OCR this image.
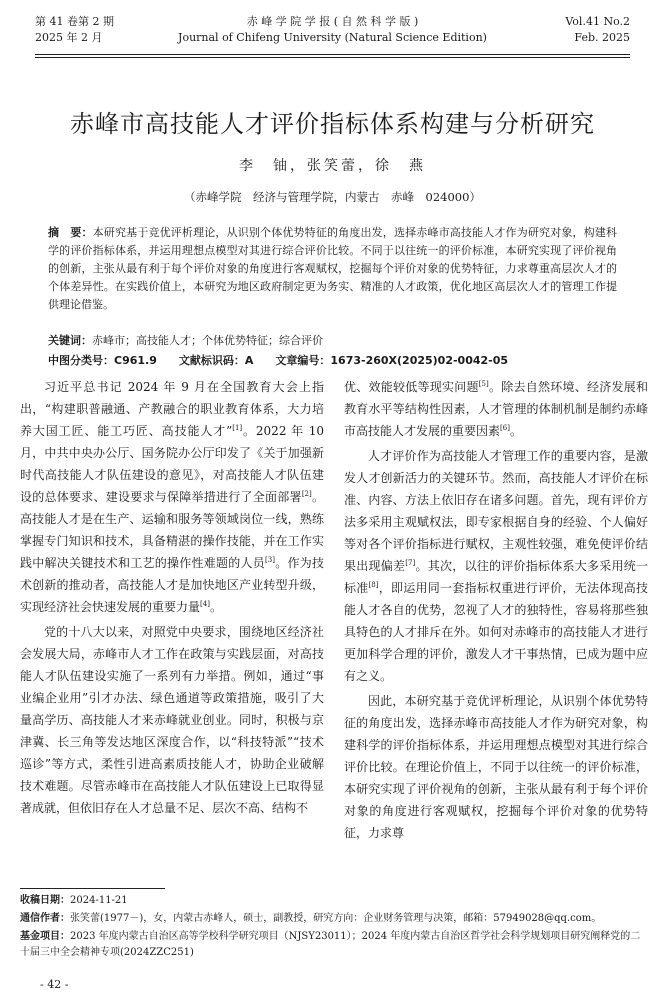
第 41 卷第 2 期
2025 年 2 月
赤 峰 学 院 学 报 ( 自 然 科 学 版 )
Journal of Chifeng University (Natural Science Edition)
Vol.41 No.2
Feb. 2025
赤峰市高技能人才评价指标体系构建与分析研究
李　铀，张笑蕾，徐　燕
（赤峰学院　经济与管理学院，内蒙古　赤峰　024000）
摘　要：本研究基于竞优评析理论，从识别个体优势特征的角度出发，选择赤峰市高技能人才作为研究对象，构建科学的评价指标体系，并运用理想点模型对其进行综合评价比较。不同于以往统一的评价标准，本研究实现了评价视角的创新，主张从最有利于每个评价对象的角度进行客观赋权，挖掘每个评价对象的优势特征，力求尊重高层次人才的个体差异性。在实践价值上，本研究为地区政府制定更为务实、精准的人才政策，优化地区高层次人才的管理工作提供理论借鉴。
关键词：赤峰市；高技能人才；个体优势特征；综合评价
中图分类号：C961.9 文献标识码：A 文章编号：1673-260X(2025)02-0042-05

习近平总书记 2024 年 9 月在全国教育大会上指出，“构建职普融通、产教融合的职业教育体系，大力培养大国工匠、能工巧匠、高技能人才”[1]。2022 年 10 月，中共中央办公厅、国务院办公厅印发了《关于加强新时代高技能人才队伍建设的意见》，对高技能人才队伍建设的总体要求、建设要求与保障举措进行了全面部署[2]。高技能人才是在生产、运输和服务等领域岗位一线，熟练掌握专门知识和技术，具备精湛的操作技能，并在工作实践中解决关键技术和工艺的操作性难题的人员[3]。作为技术创新的推动者，高技能人才是加快地区产业转型升级，实现经济社会快速发展的重要力量[4]。

党的十八大以来，对照党中央要求，围绕地区经济社会发展大局，赤峰市人才工作在政策与实践层面，对高技能人才队伍建设实施了一系列有力举措。例如，通过“事业编企业用”引才办法、绿色通道等政策措施，吸引了大量高学历、高技能人才来赤峰就业创业。同时，积极与京津冀、长三角等发达地区深度合作，以“科技特派”“技术巡诊”等方式，柔性引进高素质技能人才，协助企业破解技术难题。尽管赤峰市在高技能人才队伍建设上已取得显著成就，但依旧存在人才总量不足、层次不高、结构不

优、效能较低等现实问题[5]。除去自然环境、经济发展和教育水平等结构性因素，人才管理的体制机制是制约赤峰市高技能人才发展的重要因素[6]。

人才评价作为高技能人才管理工作的重要内容，是激发人才创新活力的关键环节。然而，高技能人才评价在标准、内容、方法上依旧存在诸多问题。首先，现有评价方法多采用主观赋权法，即专家根据自身的经验、个人偏好等对各个评价指标进行赋权，主观性较强，难免使评价结果出现偏差[7]。其次，以往的评价指标体系大多采用统一标准[8]，即运用同一套指标权重进行评价，无法体现高技能人才各自的优势，忽视了人才的独特性，容易将那些独具特色的人才排斥在外。如何对赤峰市的高技能人才进行更加科学合理的评价，激发人才干事热情，已成为题中应有之义。

因此，本研究基于竞优评析理论，从识别个体优势特征的角度出发，选择赤峰市高技能人才作为研究对象，构建科学的评价指标体系，并运用理想点模型对其进行综合评价比较。在理论价值上，不同于以往统一的评价标准，本研究实现了评价视角的创新，主张从最有利于每个评价对象的角度进行客观赋权，挖掘每个评价对象的优势特征，力求尊

收稿日期：2024-11-21
通信作者：张笑蕾(1977－)，女，内蒙古赤峰人，硕士，副教授，研究方向：企业财务管理与决策，邮箱：57949028@qq.com。
基金项目：2023 年度内蒙古自治区高等学校科学研究项目（NJSY23011）；2024 年度内蒙古自治区哲学社会科学规划项目研究阐释党的二十届三中全会精神专项(2024ZZC251)
- 42 -
